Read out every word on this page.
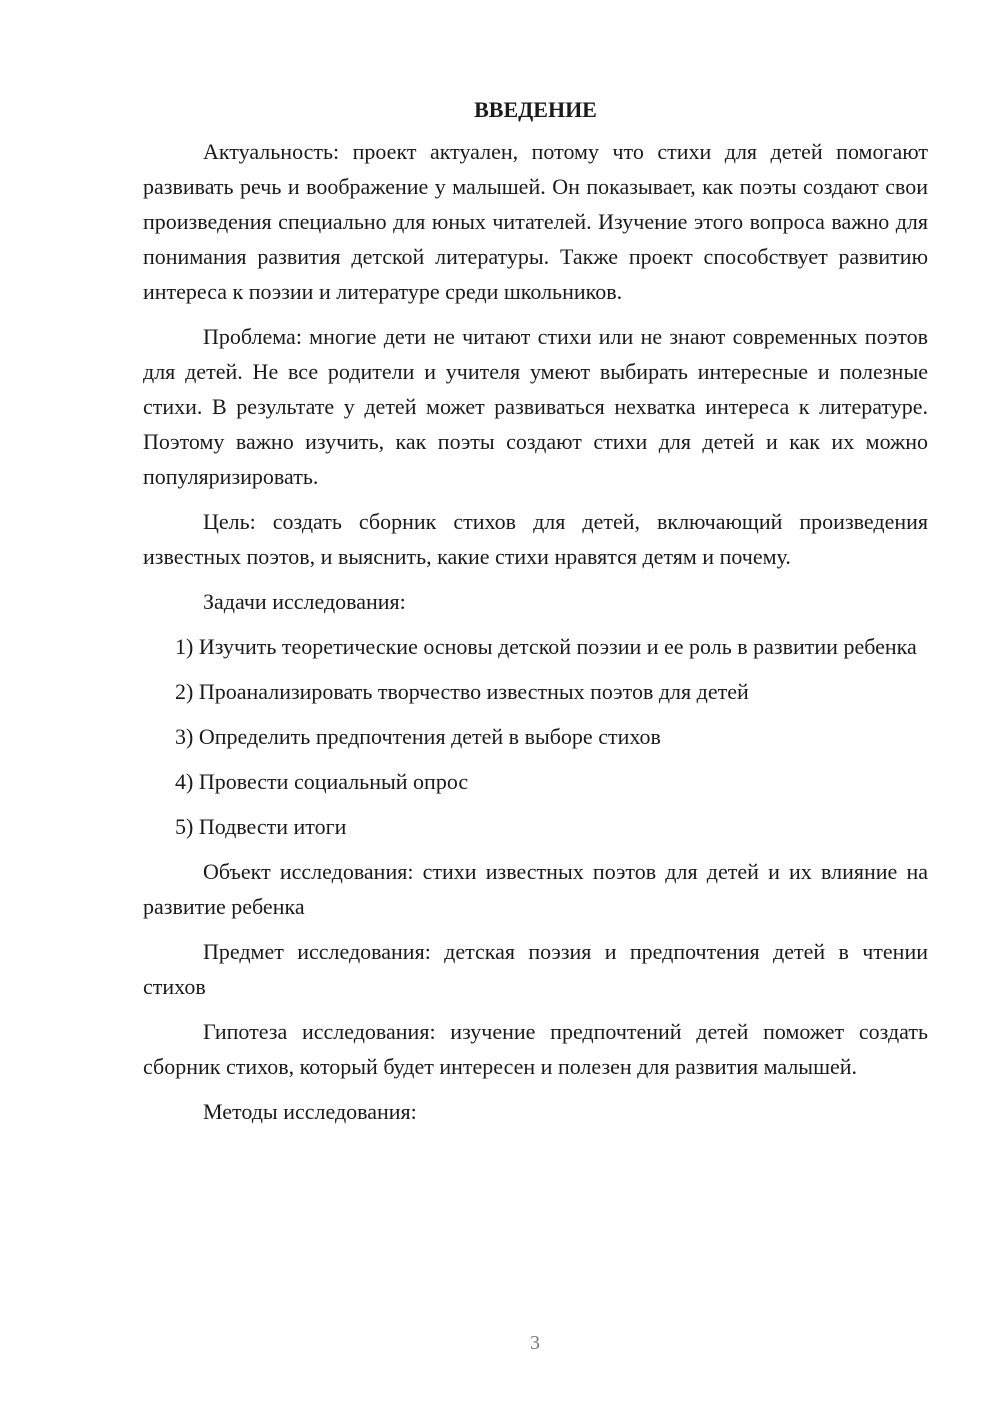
ВВЕДЕНИЕ

Актуальность: проект актуален, потому что стихи для детей помогают развивать речь и воображение у малышей. Он показывает, как поэты создают свои произведения специально для юных читателей. Изучение этого вопроса важно для понимания развития детской литературы. Также проект способствует развитию интереса к поэзии и литературе среди школьников.

Проблема: многие дети не читают стихи или не знают современных поэтов для детей. Не все родители и учителя умеют выбирать интересные и полезные стихи. В результате у детей может развиваться нехватка интереса к литературе. Поэтому важно изучить, как поэты создают стихи для детей и как их можно популяризировать.

Цель: создать сборник стихов для детей, включающий произведения известных поэтов, и выяснить, какие стихи нравятся детям и почему.

Задачи исследования:

1) Изучить теоретические основы детской поэзии и ее роль в развитии ребенка

2) Проанализировать творчество известных поэтов для детей

3) Определить предпочтения детей в выборе стихов

4) Провести социальный опрос

5) Подвести итоги

Объект исследования: стихи известных поэтов для детей и их влияние на развитие ребенка

Предмет исследования: детская поэзия и предпочтения детей в чтении стихов

Гипотеза исследования: изучение предпочтений детей поможет создать сборник стихов, который будет интересен и полезен для развития малышей.

Методы исследования:

3
